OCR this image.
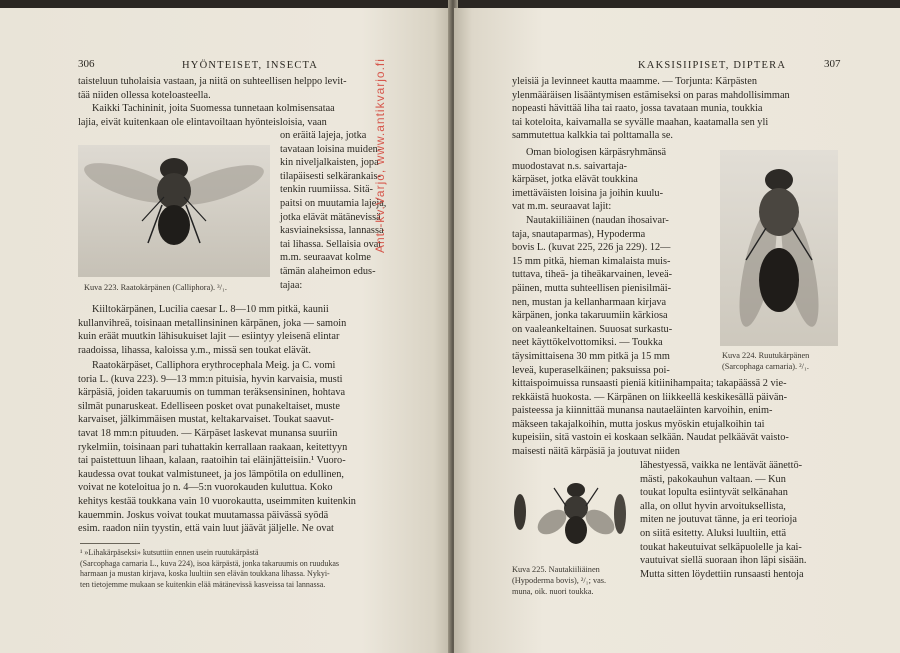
306	HYÖNTEISET, INSECTA

taisteluun tuholaisia vastaan, ja niitä on suhteellisen helppo levit-

tää niiden ollessa koteloasteella.

Kaikki Tachininit, joita Suomessa tunnetaan kolmisensataa

lajia, eivät kuitenkaan ole elintavoiltaan hyönteisloisia, vaan

on eräitä lajeja, jotka

tavataan loisina muiden-

kin niveljalkaisten, jopa

tilapäisesti selkärankais-

tenkin ruumiissa. Sitä-

paitsi on muutamia lajeja,

jotka elävät mätänevissä

kasviaineksissa, lannassa

tai lihassa. Sellaisia ovat

m.m. seuraavat kolme

tämän alaheimon edus-

tajaa:

Kuva 223. Raatokärpänen (Calliphora). ³/₁.

Kiiltokärpänen, Lucilia caesar L. 8—10 mm pitkä, kaunii

kullanvihreä, toisinaan metallinsininen kärpänen, joka — samoin

kuin eräät muutkin lähisukuiset lajit — esiintyy yleisenä elintar

raadoissa, lihassa, kaloissa y.m., missä sen toukat elävät.

Raatokärpäset, Calliphora erythrocephala Meig. ja C. vomi

toria L. (kuva 223). 9—13 mm:n pituisia, hyvin karvaisia, musti

kärpäsiä, joiden takaruumis on tumman teräksensininen, hohtava

silmät punaruskeat. Edelliseen posket ovat punakeltaiset, muste

karvaiset, jälkimmäisen mustat, keltakarvaiset. Toukat saavut-

tavat 18 mm:n pituuden. — Kärpäset laskevat munansa suuriin

rykelmiin, toisinaan pari tuhattakin kerrallaan raakaan, keitettyyn

tai paistettuun lihaan, kalaan, raatoihin tai eläinjätteisiin.¹ Vuoro-

kaudessa ovat toukat valmistuneet, ja jos lämpötila on edullinen,

voivat ne koteloitua jo n. 4—5:n vuorokauden kuluttua. Koko

kehitys kestää toukkana vain 10 vuorokautta, useimmiten kuitenkin

kauemmin. Joskus voivat toukat muutamassa päivässä syödä

esim. raadon niin tyystin, että vain luut jäävät jäljelle. Ne ovat

¹ »Lihakärpäseksi» kutsuttiin ennen usein ruutukärpästä

(Sarcophaga carnaria L., kuva 224), isoa kärpästä, jonka takaruumis on ruudukas

harmaan ja mustan kirjava, koska luultiin sen elävän toukkana lihassa. Nykyi-

ten tietojemme mukaan se kuitenkin elää mätänevissä kasveissa tai lannassa.

Ant.-kv.Varjo, www.antikvarjo.fi	KAKSISIIPISET, DIPTERA	307

yleisiä ja levinneet kautta maamme. — Torjunta: Kärpästen

ylenmääräisen lisääntymisen estämiseksi on paras mahdollisimman

nopeasti hävittää liha tai raato, jossa tavataan munia, toukkia

tai koteloita, kaivamalla se syvälle maahan, kaatamalla sen yli

sammutettua kalkkia tai polttamalla se.

Oman biologisen kärpäsryhmänsä

muodostavat n.s. saivartaja-

kärpäset, jotka elävät toukkina

imettäväisten loisina ja joihin kuulu-

vat m.m. seuraavat lajit:

Nautakiiliäinen (naudan ihosaivar-

taja, snautaparmas), Hypoderma

bovis L. (kuvat 225, 226 ja 229). 12—

15 mm pitkä, hieman kimalaista muis-

tuttava, tiheä- ja tiheäkarvainen, leveä-

päinen, mutta suhteellisen pienisilmäi-

nen, mustan ja kellanharmaan kirjava

kärpänen, jonka takaruumiin kärkiosa

on vaaleankeltainen. Suuosat surkastu-

neet käyttökelvottomiksi. — Toukka

täysimittaisena 30 mm pitkä ja 15 mm

leveä, kuperaselkäinen; paksuissa poi-

kittaispoimuissa runsaasti pieniä kitiinihampaita; takapäässä 2 vie-

rekkäistä huokosta. — Kärpänen on liikkeellä keskikesällä päivän-

paisteessa ja kiinnittää munansa nautaeläinten karvoihin, enim-

mäkseen takajalkoihin, mutta joskus myöskin etujalkoihin tai

kupeisiin, sitä vastoin ei koskaan selkään. Naudat pelkäävät vaisto-

maisesti näitä kärpäsiä ja joutuvat niiden

Kuva 224. Ruutukärpänen
(Sarcophaga carnaria). ²/₁.
Kuva 225. Nautakiiliäinen
(Hypoderma bovis), ²/₁; vas.
muna, oik. nuori toukka.

lähestyessä, vaikka ne lentävät äänettö-

mästi, pakokauhun valtaan. — Kun

toukat lopulta esiintyvät selkänahan

alla, on ollut hyvin arvoituksellista,

miten ne joutuvat tänne, ja eri teorioja

on siitä esitetty. Aluksi luultiin, että

toukat hakeutuivat selkäpuolelle ja kai-

vautuivat siellä suoraan ihon läpi sisään.

Mutta sitten löydettiin runsaasti hentoja
